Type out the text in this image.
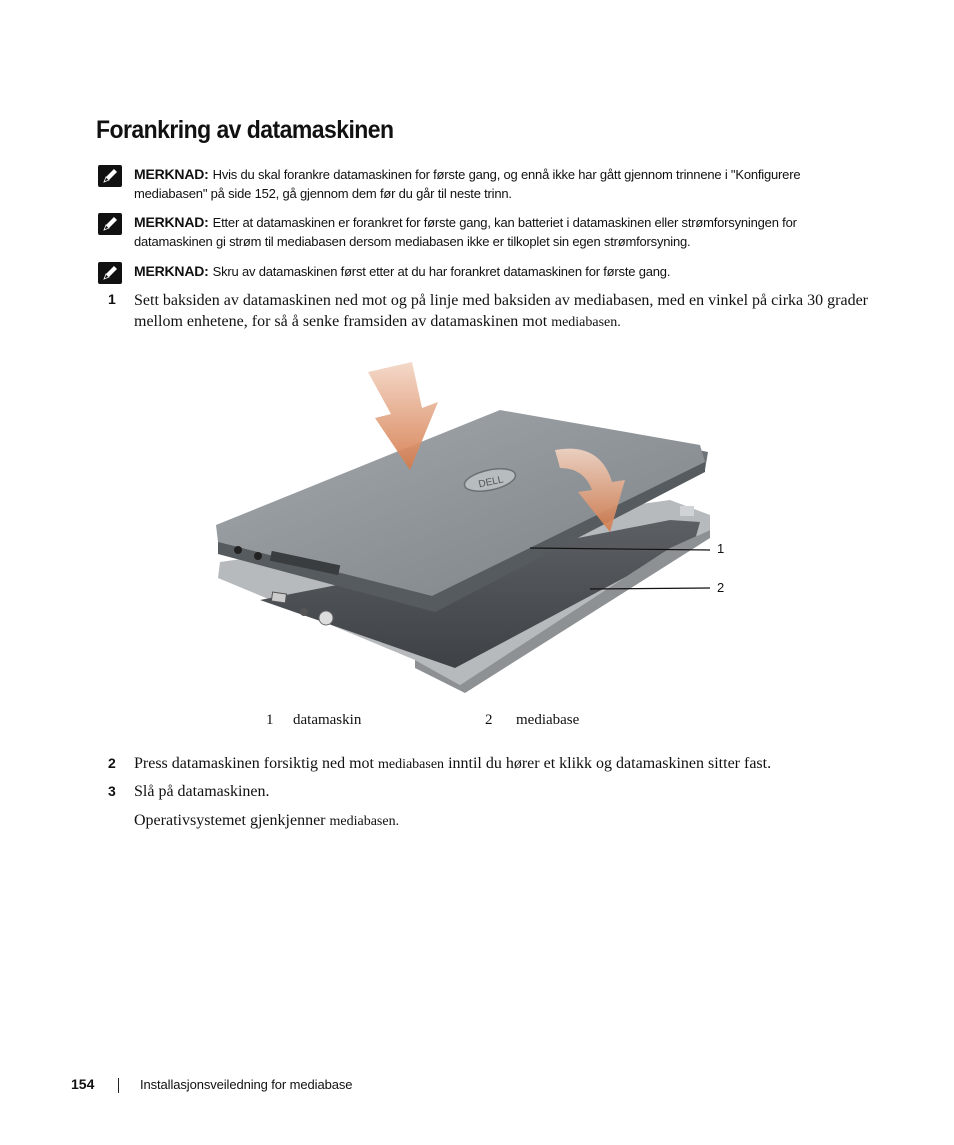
Forankring av datamaskinen
MERKNAD: Hvis du skal forankre datamaskinen for første gang, og ennå ikke har gått gjennom trinnene i "Konfigurere mediabasen" på side 152, gå gjennom dem før du går til neste trinn.
MERKNAD: Etter at datamaskinen er forankret for første gang, kan batteriet i datamaskinen eller strømforsyningen for datamaskinen gi strøm til mediabasen dersom mediabasen ikke er tilkoplet sin egen strømforsyning.
MERKNAD: Skru av datamaskinen først etter at du har forankret datamaskinen for første gang.
1 Sett baksiden av datamaskinen ned mot og på linje med baksiden av mediabasen, med en vinkel på cirka 30 grader mellom enhetene, for så å senke framsiden av datamaskinen mot mediabasen.
DELL
1
2
1 datamaskin	2 mediabase
2 Press datamaskinen forsiktig ned mot mediabasen inntil du hører et klikk og datamaskinen sitter fast.
3 Slå på datamaskinen.
Operativsystemet gjenkjenner mediabasen.
154	Installasjonsveiledning for mediabase
